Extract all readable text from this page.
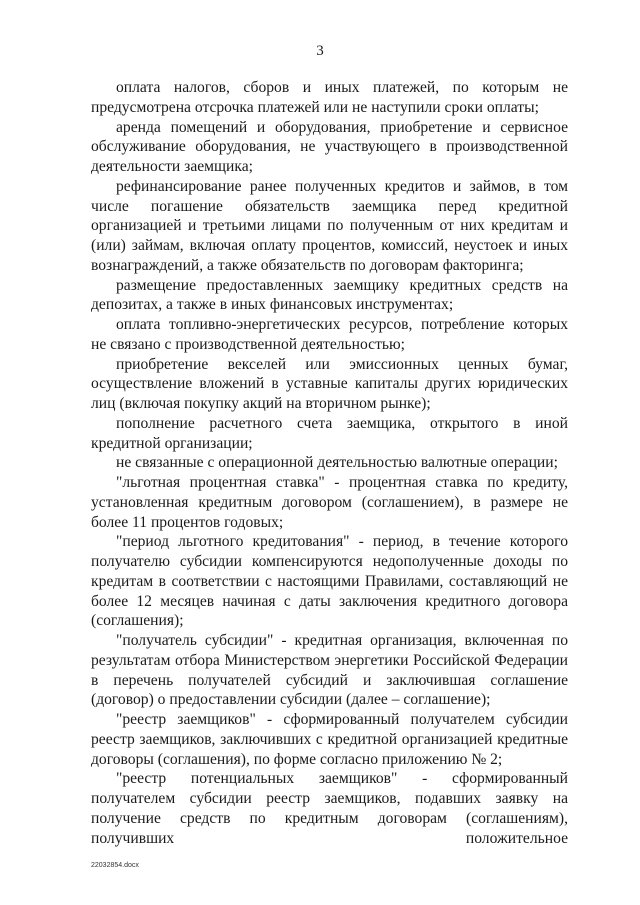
3

оплата налогов, сборов и иных платежей, по которым не предусмотрена отсрочка платежей или не наступили сроки оплаты;

аренда помещений и оборудования, приобретение и сервисное обслуживание оборудования, не участвующего в производственной деятельности заемщика;

рефинансирование ранее полученных кредитов и займов, в том числе погашение обязательств заемщика перед кредитной организацией и третьими лицами по полученным от них кредитам и (или) займам, включая оплату процентов, комиссий, неустоек и иных вознаграждений, а также обязательств по договорам факторинга;

размещение предоставленных заемщику кредитных средств на депозитах, а также в иных финансовых инструментах;

оплата топливно-энергетических ресурсов, потребление которых не связано с производственной деятельностью;

приобретение векселей или эмиссионных ценных бумаг, осуществление вложений в уставные капиталы других юридических лиц (включая покупку акций на вторичном рынке);

пополнение расчетного счета заемщика, открытого в иной кредитной организации;

не связанные с операционной деятельностью валютные операции;

"льготная процентная ставка" - процентная ставка по кредиту, установленная кредитным договором (соглашением), в размере не более 11 процентов годовых;

"период льготного кредитования" - период, в течение которого получателю субсидии компенсируются недополученные доходы по кредитам в соответствии с настоящими Правилами, составляющий не более 12 месяцев начиная с даты заключения кредитного договора (соглашения);

"получатель субсидии" - кредитная организация, включенная по результатам отбора Министерством энергетики Российской Федерации в перечень получателей субсидий и заключившая соглашение (договор) о предоставлении субсидии (далее – соглашение);

"реестр заемщиков" - сформированный получателем субсидии реестр заемщиков, заключивших с кредитной организацией кредитные договоры (соглашения), по форме согласно приложению № 2;

"реестр потенциальных заемщиков" - сформированный получателем субсидии реестр заемщиков, подавших заявку на получение средств по кредитным договорам (соглашениям), получивших положительное

22032854.docx
